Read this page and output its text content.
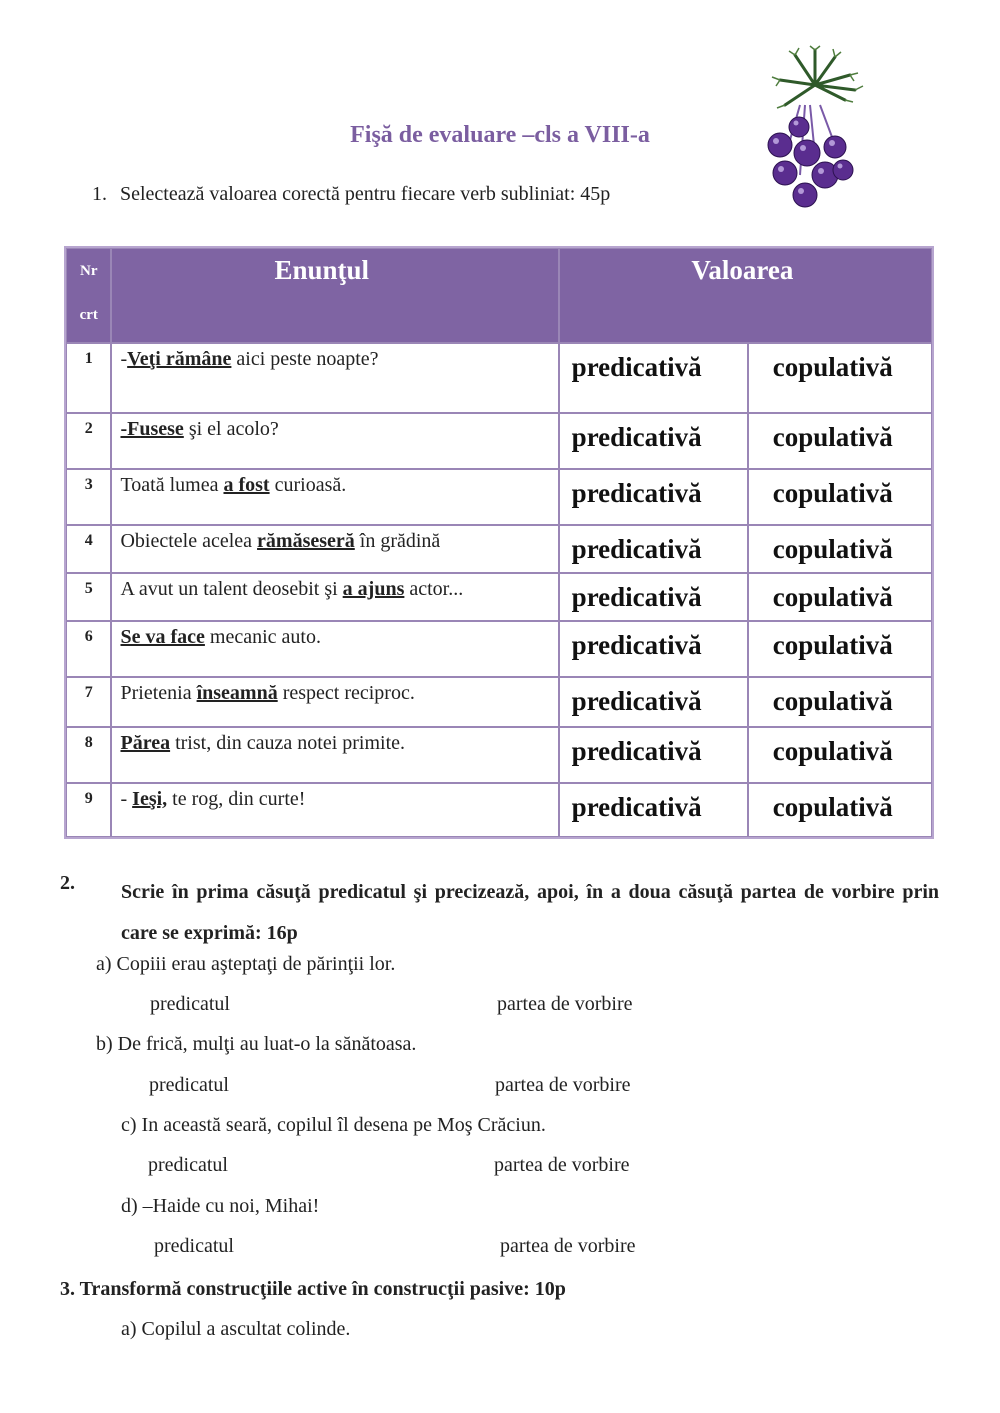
Fişă de evaluare –cls a VIII-a
1. Selectează valoarea corectă pentru fiecare verb subliniat: 45p
Nr
crt	Enunţul	Valoarea	

1	-Veţi rămâne aici peste noapte?	predicativă	copulativă
2	-Fusese şi el acolo?	predicativă	copulativă
3	Toată lumea a fost curioasă.	predicativă	copulativă
4	Obiectele acelea rămăseseră în grădină	predicativă	copulativă
5	A avut un talent deosebit şi a ajuns actor...	predicativă	copulativă
6	Se va face mecanic auto.	predicativă	copulativă
7	Prietenia înseamnă respect reciproc.	predicativă	copulativă
8	Părea trist, din cauza notei primite.	predicativă	copulativă
9	- Ieşi, te rog, din curte!	predicativă	copulativă
2. Scrie în prima căsuţă predicatul şi precizează, apoi, în a doua căsuţă partea de vorbire prin care se exprimă: 16p
a) Copiii erau aşteptaţi de părinţii lor.
predicatul	partea de vorbire
b) De frică, mulţi au luat-o la sănătoasa.
predicatul	partea de vorbire
c) In această seară, copilul îl desena pe Moş Crăciun.
predicatul	partea de vorbire
d) –Haide cu noi, Mihai!
predicatul	partea de vorbire
3. Transformă construcţiile active în construcţii pasive: 10p
a) Copilul a ascultat colinde.
